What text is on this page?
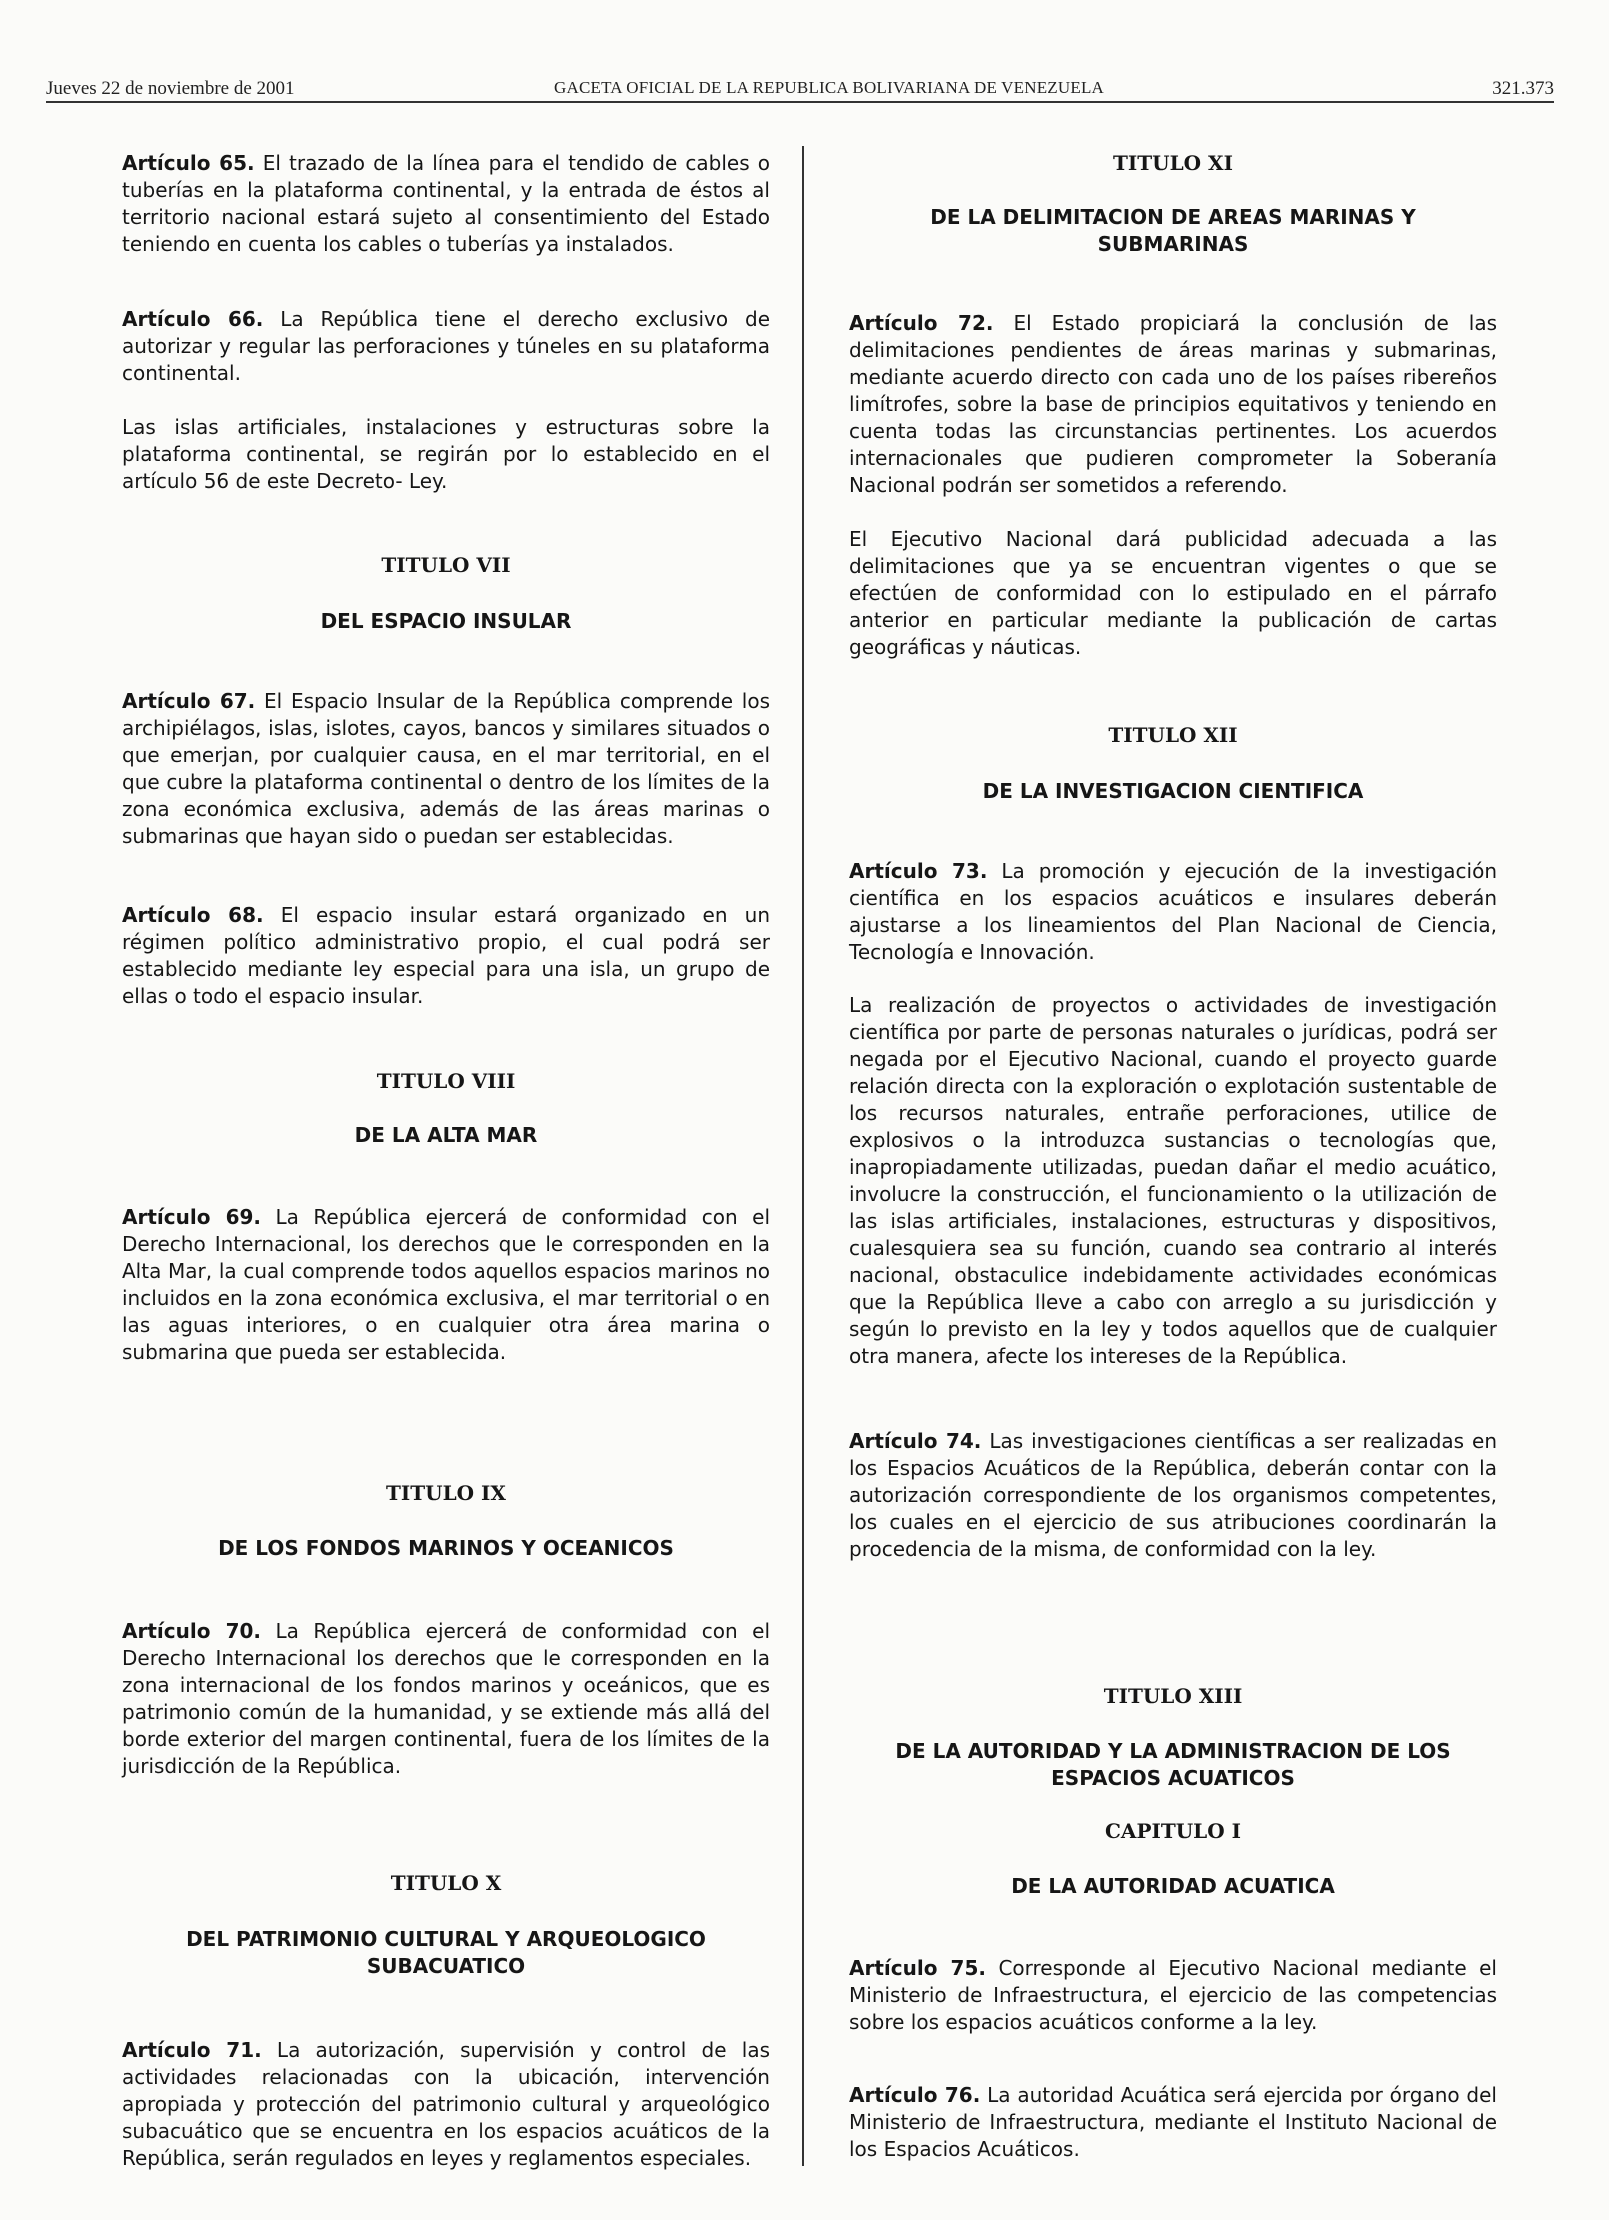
Jueves 22 de noviembre de 2001	GACETA OFICIAL DE LA REPUBLICA BOLIVARIANA DE VENEZUELA	321.373

Artículo 65. El trazado de la línea para el tendido de cables o tuberías en la plataforma continental, y la entrada de éstos al territorio nacional estará sujeto al consentimiento del Estado teniendo en cuenta los cables o tuberías ya instalados.

Artículo 66. La República tiene el derecho exclusivo de autorizar y regular las perforaciones y túneles en su plataforma continental.

Las islas artificiales, instalaciones y estructuras sobre la plataforma continental, se regirán por lo establecido en el artículo 56 de este Decreto- Ley.

TITULO VII
DEL ESPACIO INSULAR

Artículo 67. El Espacio Insular de la República comprende los archipiélagos, islas, islotes, cayos, bancos y similares situados o que emerjan, por cualquier causa, en el mar territorial, en el que cubre la plataforma continental o dentro de los límites de la zona económica exclusiva, además de las áreas marinas o submarinas que hayan sido o puedan ser establecidas.

Artículo 68. El espacio insular estará organizado en un régimen político administrativo propio, el cual podrá ser establecido mediante ley especial para una isla, un grupo de ellas o todo el espacio insular.

TITULO VIII
DE LA ALTA MAR

Artículo 69. La República ejercerá de conformidad con el Derecho Internacional, los derechos que le corresponden en la Alta Mar, la cual comprende todos aquellos espacios marinos no incluidos en la zona económica exclusiva, el mar territorial o en las aguas interiores, o en cualquier otra área marina o submarina que pueda ser establecida.

TITULO IX
DE LOS FONDOS MARINOS Y OCEANICOS

Artículo 70. La República ejercerá de conformidad con el Derecho Internacional los derechos que le corresponden en la zona internacional de los fondos marinos y oceánicos, que es patrimonio común de la humanidad, y se extiende más allá del borde exterior del margen continental, fuera de los límites de la jurisdicción de la República.

TITULO X
DEL PATRIMONIO CULTURAL Y ARQUEOLOGICO SUBACUATICO

Artículo 71. La autorización, supervisión y control de las actividades relacionadas con la ubicación, intervención apropiada y protección del patrimonio cultural y arqueológico subacuático que se encuentra en los espacios acuáticos de la República, serán regulados en leyes y reglamentos especiales.

TITULO XI
DE LA DELIMITACION DE AREAS MARINAS Y SUBMARINAS

Artículo 72. El Estado propiciará la conclusión de las delimitaciones pendientes de áreas marinas y submarinas, mediante acuerdo directo con cada uno de los países ribereños limítrofes, sobre la base de principios equitativos y teniendo en cuenta todas las circunstancias pertinentes. Los acuerdos internacionales que pudieren comprometer la Soberanía Nacional podrán ser sometidos a referendo.

El Ejecutivo Nacional dará publicidad adecuada a las delimitaciones que ya se encuentran vigentes o que se efectúen de conformidad con lo estipulado en el párrafo anterior en particular mediante la publicación de cartas geográficas y náuticas.

TITULO XII
DE LA INVESTIGACION CIENTIFICA

Artículo 73. La promoción y ejecución de la investigación científica en los espacios acuáticos e insulares deberán ajustarse a los lineamientos del Plan Nacional de Ciencia, Tecnología e Innovación.

La realización de proyectos o actividades de investigación científica por parte de personas naturales o jurídicas, podrá ser negada por el Ejecutivo Nacional, cuando el proyecto guarde relación directa con la exploración o explotación sustentable de los recursos naturales, entrañe perforaciones, utilice de explosivos o la introduzca sustancias o tecnologías que, inapropiadamente utilizadas, puedan dañar el medio acuático, involucre la construcción, el funcionamiento o la utilización de las islas artificiales, instalaciones, estructuras y dispositivos, cualesquiera sea su función, cuando sea contrario al interés nacional, obstaculice indebidamente actividades económicas que la República lleve a cabo con arreglo a su jurisdicción y según lo previsto en la ley y todos aquellos que de cualquier otra manera, afecte los intereses de la República.

Artículo 74. Las investigaciones científicas a ser realizadas en los Espacios Acuáticos de la República, deberán contar con la autorización correspondiente de los organismos competentes, los cuales en el ejercicio de sus atribuciones coordinarán la procedencia de la misma, de conformidad con la ley.

TITULO XIII
DE LA AUTORIDAD Y LA ADMINISTRACION DE LOS ESPACIOS ACUATICOS
CAPITULO I
DE LA AUTORIDAD ACUATICA

Artículo 75. Corresponde al Ejecutivo Nacional mediante el Ministerio de Infraestructura, el ejercicio de las competencias sobre los espacios acuáticos conforme a la ley.

Artículo 76. La autoridad Acuática será ejercida por órgano del Ministerio de Infraestructura, mediante el Instituto Nacional de los Espacios Acuáticos.
